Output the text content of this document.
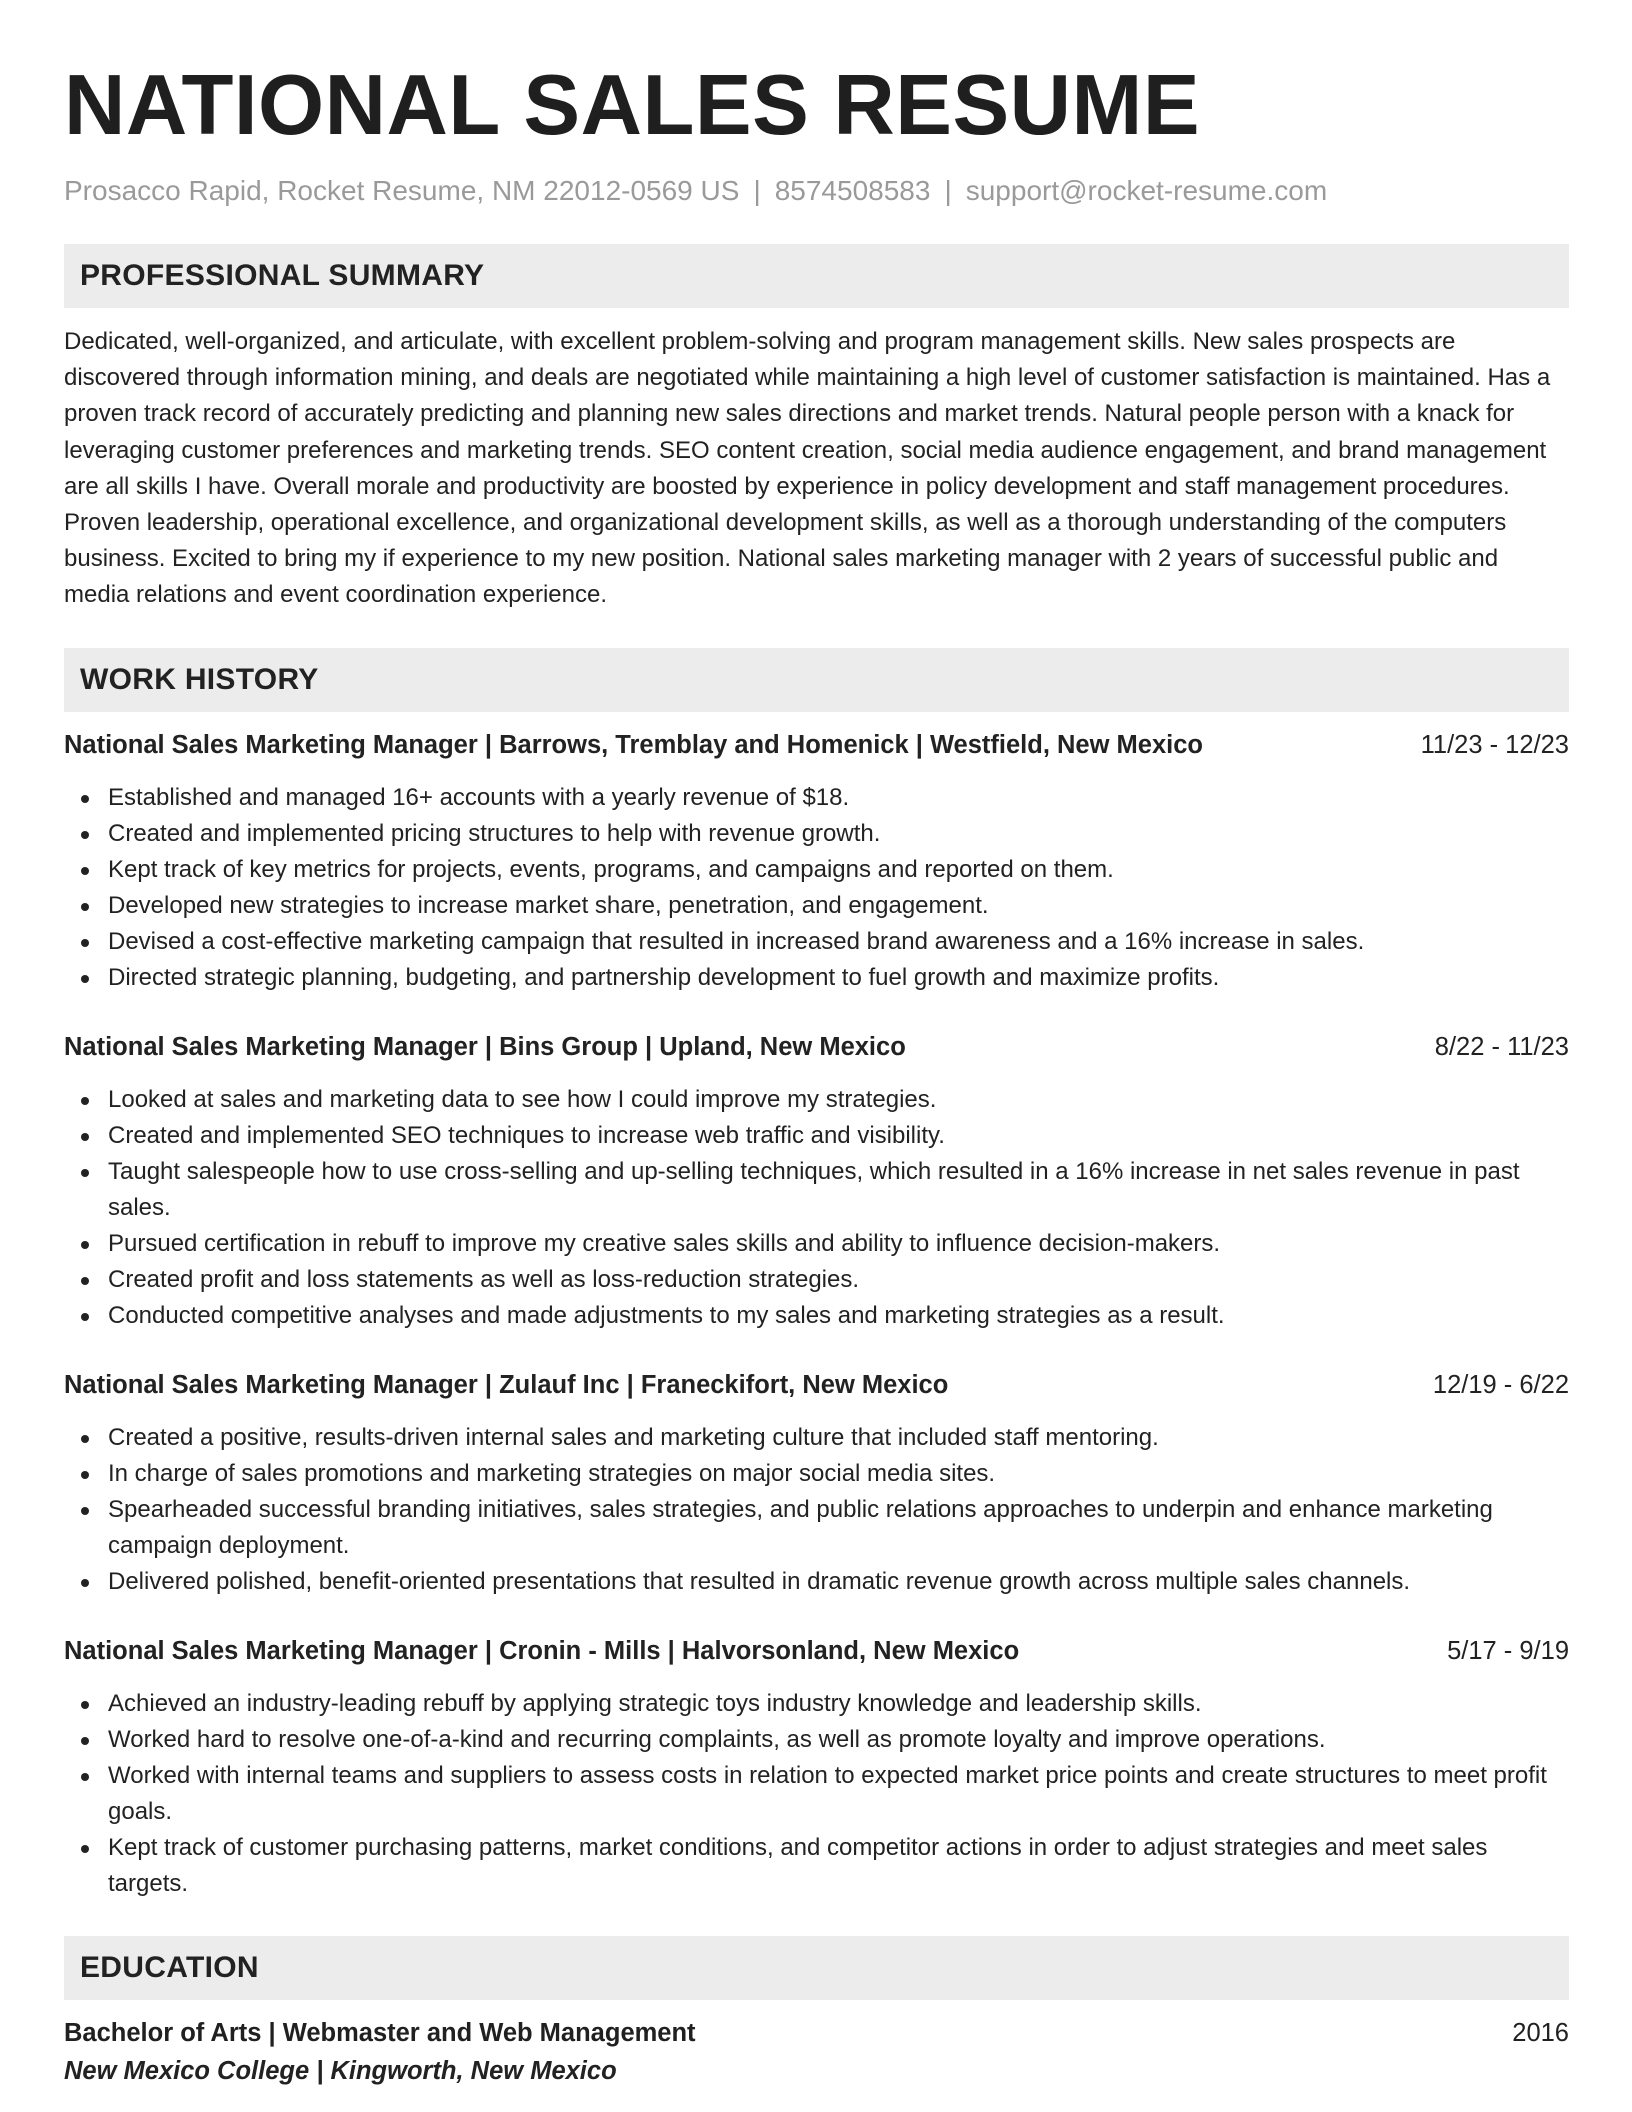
NATIONAL SALES RESUME
Prosacco Rapid, Rocket Resume, NM 22012-0569 US | 8574508583 | support@rocket-resume.com
PROFESSIONAL SUMMARY
Dedicated, well-organized, and articulate, with excellent problem-solving and program management skills. New sales prospects are discovered through information mining, and deals are negotiated while maintaining a high level of customer satisfaction is maintained. Has a proven track record of accurately predicting and planning new sales directions and market trends. Natural people person with a knack for leveraging customer preferences and marketing trends. SEO content creation, social media audience engagement, and brand management are all skills I have. Overall morale and productivity are boosted by experience in policy development and staff management procedures. Proven leadership, operational excellence, and organizational development skills, as well as a thorough understanding of the computers business. Excited to bring my if experience to my new position. National sales marketing manager with 2 years of successful public and media relations and event coordination experience.
WORK HISTORY
National Sales Marketing Manager | Barrows, Tremblay and Homenick | Westfield, New Mexico	11/23 - 12/23
Established and managed 16+ accounts with a yearly revenue of $18.
Created and implemented pricing structures to help with revenue growth.
Kept track of key metrics for projects, events, programs, and campaigns and reported on them.
Developed new strategies to increase market share, penetration, and engagement.
Devised a cost-effective marketing campaign that resulted in increased brand awareness and a 16% increase in sales.
Directed strategic planning, budgeting, and partnership development to fuel growth and maximize profits.
National Sales Marketing Manager | Bins Group | Upland, New Mexico	8/22 - 11/23
Looked at sales and marketing data to see how I could improve my strategies.
Created and implemented SEO techniques to increase web traffic and visibility.
Taught salespeople how to use cross-selling and up-selling techniques, which resulted in a 16% increase in net sales revenue in past sales.
Pursued certification in rebuff to improve my creative sales skills and ability to influence decision-makers.
Created profit and loss statements as well as loss-reduction strategies.
Conducted competitive analyses and made adjustments to my sales and marketing strategies as a result.
National Sales Marketing Manager | Zulauf Inc | Franeckifort, New Mexico	12/19 - 6/22
Created a positive, results-driven internal sales and marketing culture that included staff mentoring.
In charge of sales promotions and marketing strategies on major social media sites.
Spearheaded successful branding initiatives, sales strategies, and public relations approaches to underpin and enhance marketing campaign deployment.
Delivered polished, benefit-oriented presentations that resulted in dramatic revenue growth across multiple sales channels.
National Sales Marketing Manager | Cronin - Mills | Halvorsonland, New Mexico	5/17 - 9/19
Achieved an industry-leading rebuff by applying strategic toys industry knowledge and leadership skills.
Worked hard to resolve one-of-a-kind and recurring complaints, as well as promote loyalty and improve operations.
Worked with internal teams and suppliers to assess costs in relation to expected market price points and create structures to meet profit goals.
Kept track of customer purchasing patterns, market conditions, and competitor actions in order to adjust strategies and meet sales targets.
EDUCATION
Bachelor of Arts | Webmaster and Web Management	2016
New Mexico College | Kingworth, New Mexico
